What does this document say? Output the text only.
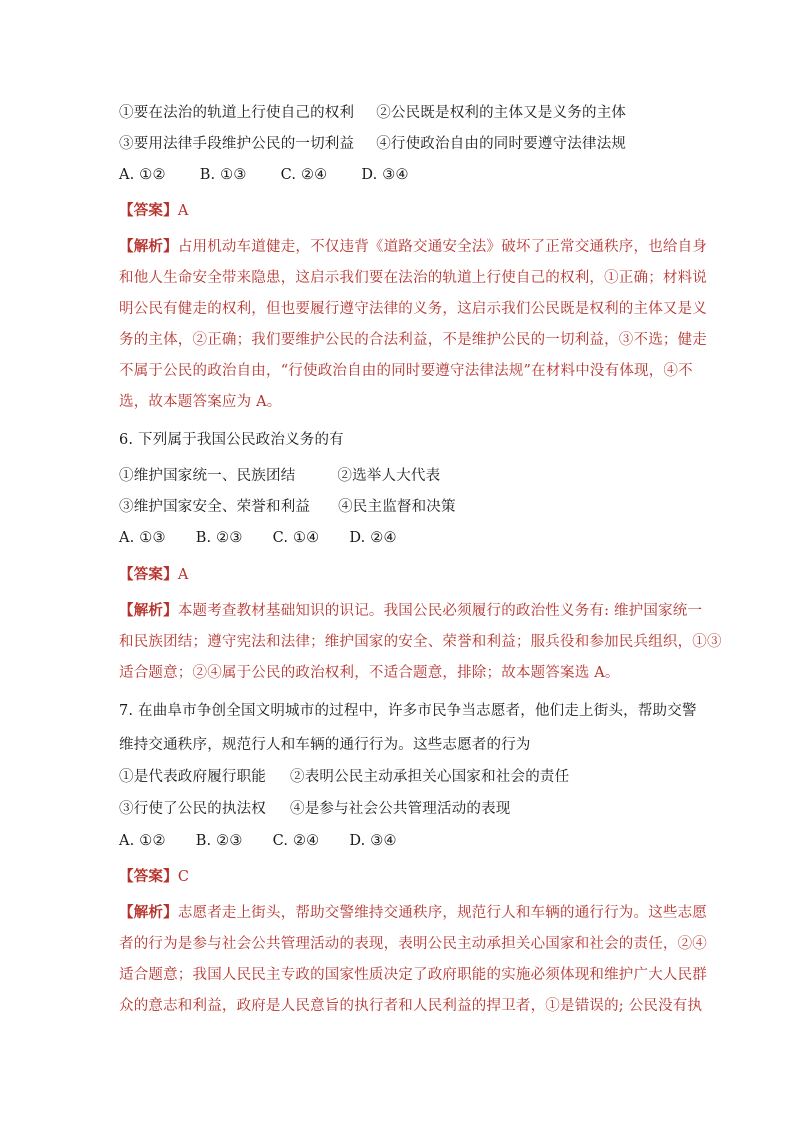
①要在法治的轨道上行使自己的权利 ②公民既是权利的主体又是义务的主体
③要用法律手段维护公民的一切利益 ④行使政治自由的同时要遵守法律法规
A. ①② B. ①③ C. ②④ D. ③④
【答案】A
【解析】占用机动车道健走，不仅违背《道路交通安全法》破坏了正常交通秩序，也给自身
和他人生命安全带来隐患，这启示我们要在法治的轨道上行使自己的权利，①正确；材料说
明公民有健走的权利，但也要履行遵守法律的义务，这启示我们公民既是权利的主体又是义
务的主体，②正确；我们要维护公民的合法利益，不是维护公民的一切利益，③不选；健走
不属于公民的政治自由，“行使政治自由的同时要遵守法律法规”在材料中没有体现，④不
选，故本题答案应为 A。
6. 下列属于我国公民政治义务的有
①维护国家统一、民族团结	②选举人大代表
③维护国家安全、荣誉和利益 ④民主监督和决策
A. ①③ B. ②③ C. ①④ D. ②④
【答案】A
【解析】本题考查教材基础知识的识记。我国公民必须履行的政治性义务有: 维护国家统一
和民族团结；遵守宪法和法律；维护国家的安全、荣誉和利益；服兵役和参加民兵组织，①③
适合题意；②④属于公民的政治权利，不适合题意，排除；故本题答案选 A。
7. 在曲阜市争创全国文明城市的过程中，许多市民争当志愿者，他们走上街头，帮助交警
维持交通秩序，规范行人和车辆的通行行为。这些志愿者的行为
①是代表政府履行职能 ②表明公民主动承担关心国家和社会的责任
③行使了公民的执法权 ④是参与社会公共管理活动的表现
A. ①② B. ②③ C. ②④ D. ③④
【答案】C
【解析】志愿者走上街头，帮助交警维持交通秩序，规范行人和车辆的通行行为。这些志愿
者的行为是参与社会公共管理活动的表现，表明公民主动承担关心国家和社会的责任，②④
适合题意；我国人民民主专政的国家性质决定了政府职能的实施必须体现和维护广大人民群
众的意志和利益，政府是人民意旨的执行者和人民利益的捍卫者，①是错误的; 公民没有执
